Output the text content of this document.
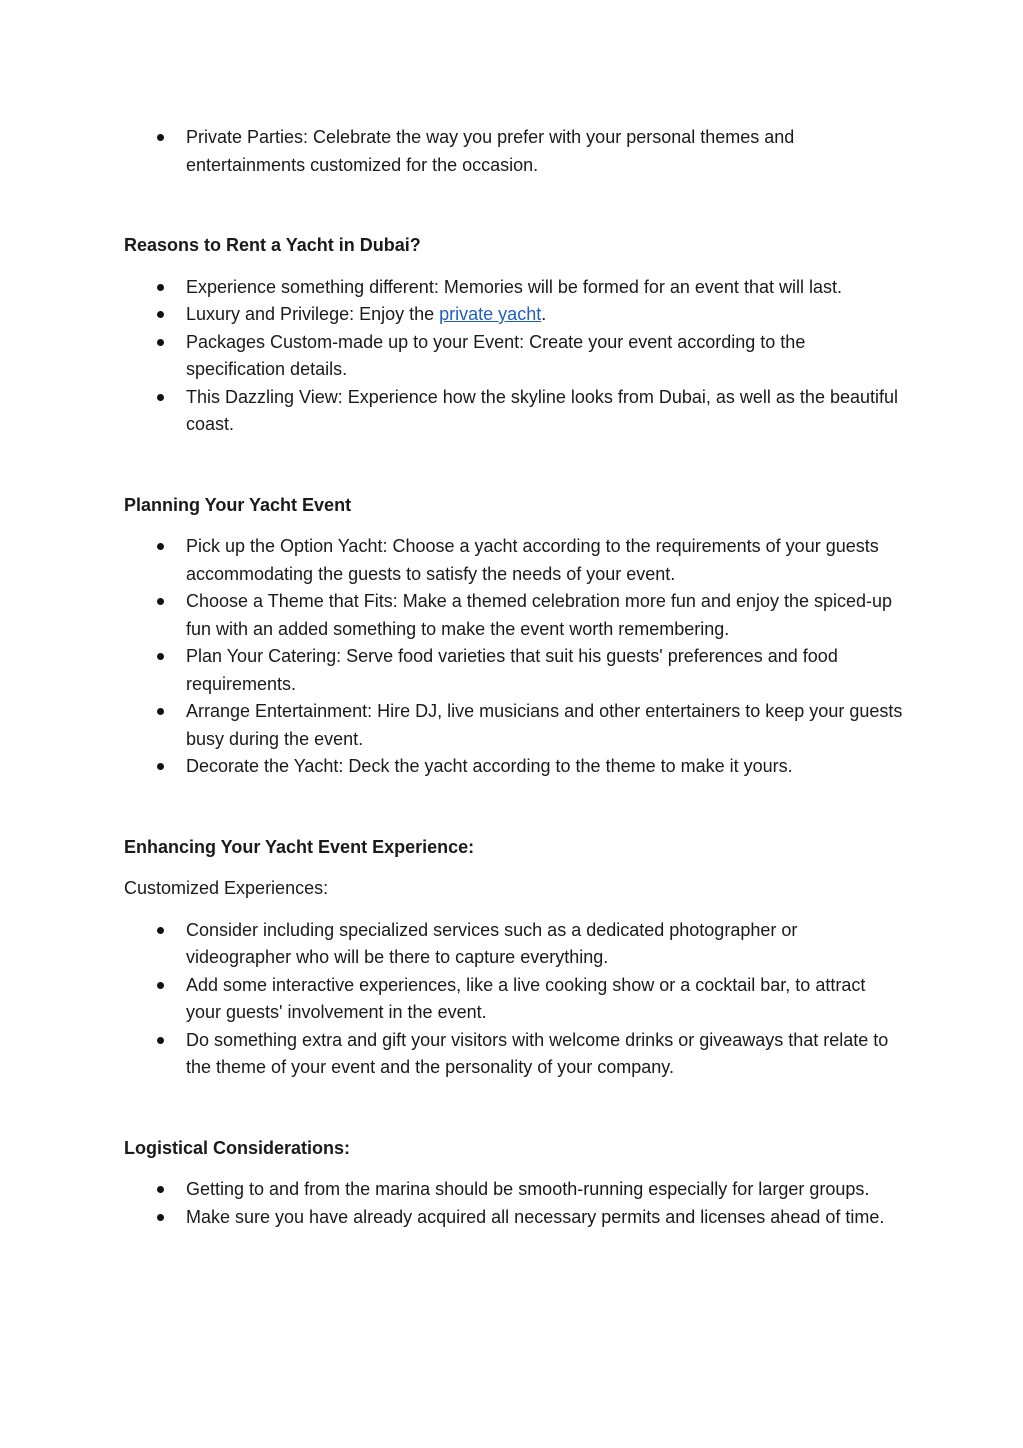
Private Parties: Celebrate the way you prefer with your personal themes and entertainments customized for the occasion.

Reasons to Rent a Yacht in Dubai?

Experience something different: Memories will be formed for an event that will last.
Luxury and Privilege: Enjoy the private yacht.
Packages Custom-made up to your Event: Create your event according to the specification details.
This Dazzling View: Experience how the skyline looks from Dubai, as well as the beautiful coast.

Planning Your Yacht Event

Pick up the Option Yacht: Choose a yacht according to the requirements of your guests accommodating the guests to satisfy the needs of your event.
Choose a Theme that Fits: Make a themed celebration more fun and enjoy the spiced-up fun with an added something to make the event worth remembering.
Plan Your Catering: Serve food varieties that suit his guests' preferences and food requirements.
Arrange Entertainment: Hire DJ, live musicians and other entertainers to keep your guests busy during the event.
Decorate the Yacht: Deck the yacht according to the theme to make it yours.

Enhancing Your Yacht Event Experience:

Customized Experiences:

Consider including specialized services such as a dedicated photographer or videographer who will be there to capture everything.
Add some interactive experiences, like a live cooking show or a cocktail bar, to attract your guests' involvement in the event.
Do something extra and gift your visitors with welcome drinks or giveaways that relate to the theme of your event and the personality of your company.

Logistical Considerations:

Getting to and from the marina should be smooth-running especially for larger groups.
Make sure you have already acquired all necessary permits and licenses ahead of time.
